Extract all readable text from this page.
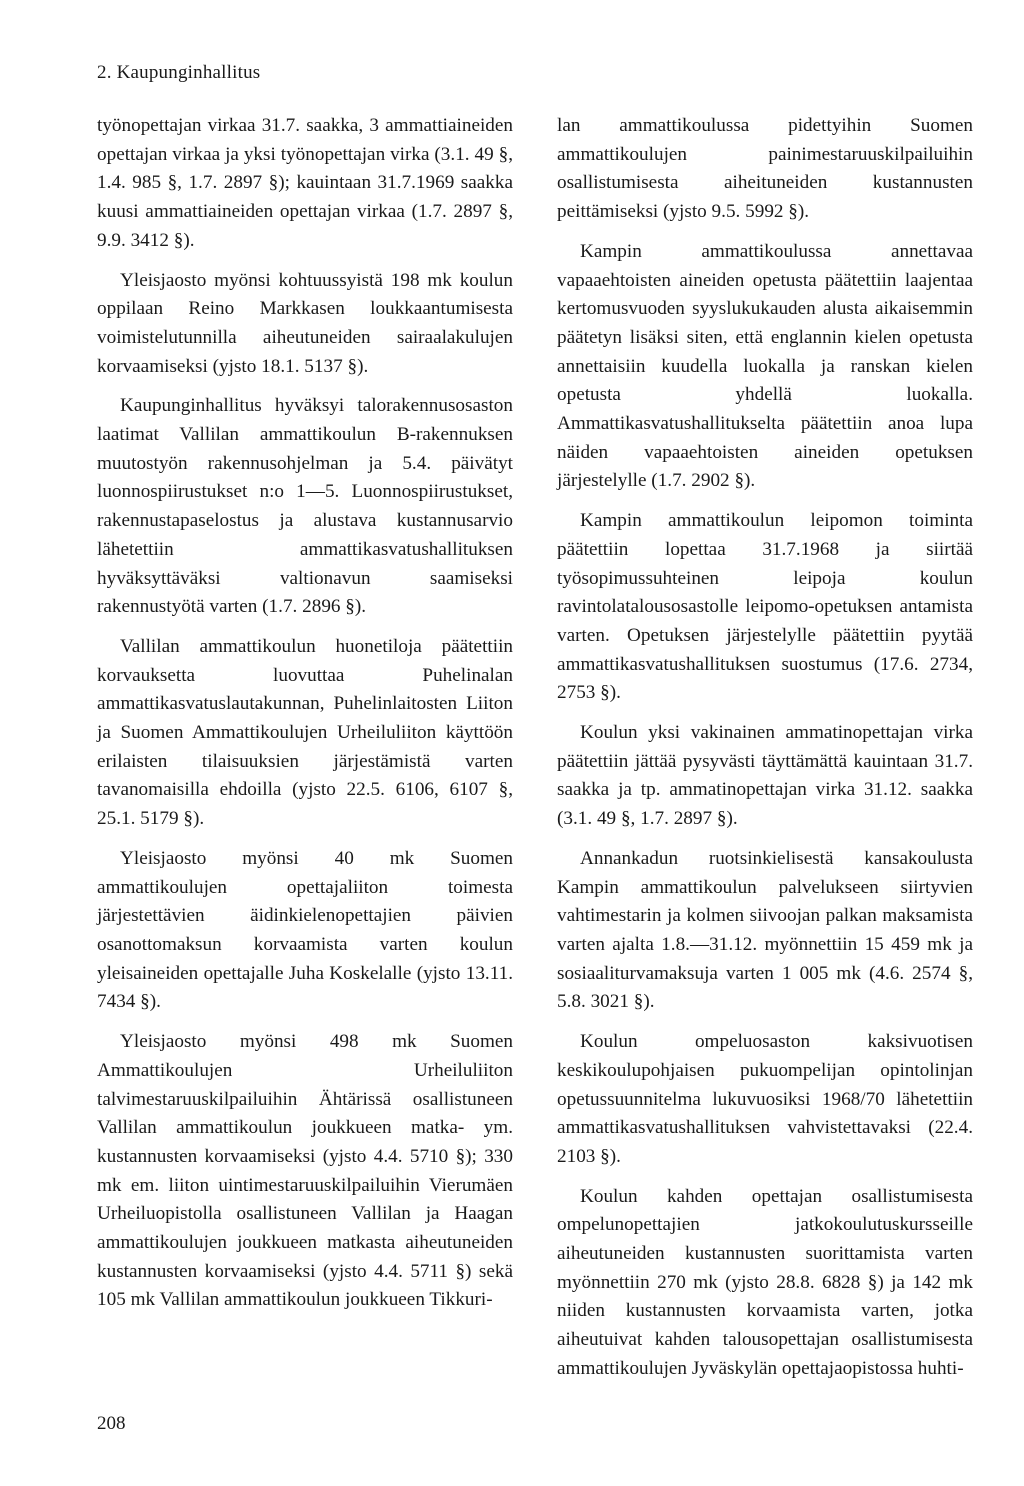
2. Kaupunginhallitus

työnopettajan virkaa 31.7. saakka, 3 ammattiaineiden opettajan virkaa ja yksi työnopettajan virka (3.1. 49 §, 1.4. 985 §, 1.7. 2897 §); kauintaan 31.7.1969 saakka kuusi ammattiaineiden opettajan virkaa (1.7. 2897 §, 9.9. 3412 §).

Yleisjaosto myönsi kohtuussyistä 198 mk koulun oppilaan Reino Markkasen loukkaantumisesta voimistelutunnilla aiheutuneiden sairaalakulujen korvaamiseksi (yjsto 18.1. 5137 §).

Kaupunginhallitus hyväksyi talorakennusosaston laatimat Vallilan ammattikoulun B-rakennuksen muutostyön rakennusohjelman ja 5.4. päivätyt luonnospiirustukset n:o 1—5. Luonnospiirustukset, rakennustapaselostus ja alustava kustannusarvio lähetettiin ammattikasvatushallituksen hyväksyttäväksi valtionavun saamiseksi rakennustyötä varten (1.7. 2896 §).

Vallilan ammattikoulun huonetiloja päätettiin korvauksetta luovuttaa Puhelinalan ammattikasvatuslautakunnan, Puhelinlaitosten Liiton ja Suomen Ammattikoulujen Urheiluliiton käyttöön erilaisten tilaisuuksien järjestämistä varten tavanomaisilla ehdoilla (yjsto 22.5. 6106, 6107 §, 25.1. 5179 §).

Yleisjaosto myönsi 40 mk Suomen ammattikoulujen opettajaliiton toimesta järjestettävien äidinkielenopettajien päivien osanottomaksun korvaamista varten koulun yleisaineiden opettajalle Juha Koskelalle (yjsto 13.11. 7434 §).

Yleisjaosto myönsi 498 mk Suomen Ammattikoulujen Urheiluliiton talvimestaruuskilpailuihin Ähtärissä osallistuneen Vallilan ammattikoulun joukkueen matka- ym. kustannusten korvaamiseksi (yjsto 4.4. 5710 §); 330 mk em. liiton uintimestaruuskilpailuihin Vierumäen Urheiluopistolla osallistuneen Vallilan ja Haagan ammattikoulujen joukkueen matkasta aiheutuneiden kustannusten korvaamiseksi (yjsto 4.4. 5711 §) sekä 105 mk Vallilan ammattikoulun joukkueen Tikkuri-

lan ammattikoulussa pidettyihin Suomen ammattikoulujen painimestaruuskilpailuihin osallistumisesta aiheituneiden kustannusten peittämiseksi (yjsto 9.5. 5992 §).

Kampin ammattikoulussa annettavaa vapaaehtoisten aineiden opetusta päätettiin laajentaa kertomusvuoden syyslukukauden alusta aikaisemmin päätetyn lisäksi siten, että englannin kielen opetusta annettaisiin kuudella luokalla ja ranskan kielen opetusta yhdellä luokalla. Ammattikasvatushallitukselta päätettiin anoa lupa näiden vapaaehtoisten aineiden opetuksen järjestelylle (1.7. 2902 §).

Kampin ammattikoulun leipomon toiminta päätettiin lopettaa 31.7.1968 ja siirtää työsopimussuhteinen leipoja koulun ravintolatalousosastolle leipomo-opetuksen antamista varten. Opetuksen järjestelylle päätettiin pyytää ammattikasvatushallituksen suostumus (17.6. 2734, 2753 §).

Koulun yksi vakinainen ammatinopettajan virka päätettiin jättää pysyvästi täyttämättä kauintaan 31.7. saakka ja tp. ammatinopettajan virka 31.12. saakka (3.1. 49 §, 1.7. 2897 §).

Annankadun ruotsinkielisestä kansakoulusta Kampin ammattikoulun palvelukseen siirtyvien vahtimestarin ja kolmen siivoojan palkan maksamista varten ajalta 1.8.—31.12. myönnettiin 15 459 mk ja sosiaaliturvamaksuja varten 1 005 mk (4.6. 2574 §, 5.8. 3021 §).

Koulun ompeluosaston kaksivuotisen keskikoulupohjaisen pukuompelijan opintolinjan opetussuunnitelma lukuvuosiksi 1968/70 lähetettiin ammattikasvatushallituksen vahvistettavaksi (22.4. 2103 §).

Koulun kahden opettajan osallistumisesta ompelunopettajien jatkokoulutuskursseille aiheutuneiden kustannusten suorittamista varten myönnettiin 270 mk (yjsto 28.8. 6828 §) ja 142 mk niiden kustannusten korvaamista varten, jotka aiheutuivat kahden talousopettajan osallistumisesta ammattikoulujen Jyväskylän opettajaopistossa huhti-

208
